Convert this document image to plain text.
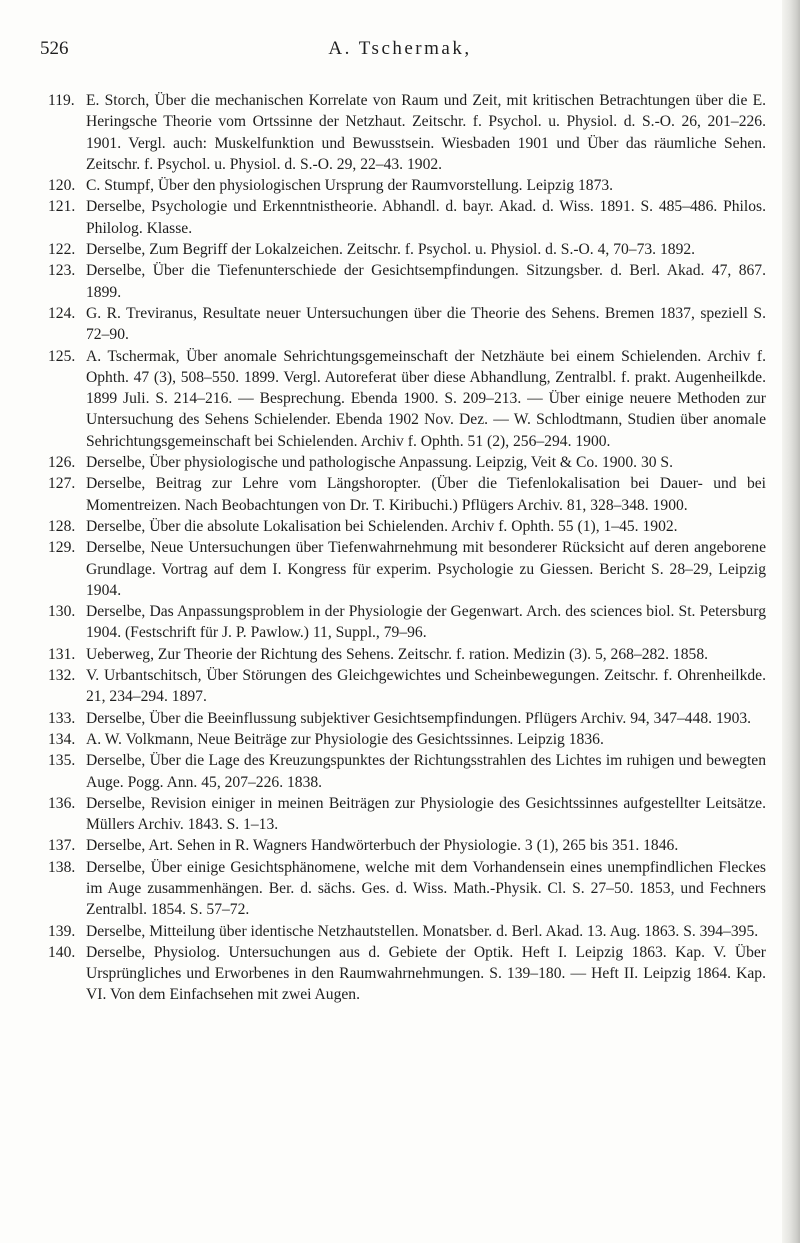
526	A. Tschermak,

119. E. Storch, Über die mechanischen Korrelate von Raum und Zeit, mit kritischen Betrachtungen über die E. Heringsche Theorie vom Ortssinne der Netzhaut. Zeitschr. f. Psychol. u. Physiol. d. S.-O. 26, 201–226. 1901. Vergl. auch: Muskelfunktion und Bewusstsein. Wiesbaden 1901 und Über das räumliche Sehen. Zeitschr. f. Psychol. u. Physiol. d. S.-O. 29, 22–43. 1902.

120. C. Stumpf, Über den physiologischen Ursprung der Raumvorstellung. Leipzig 1873.

121. Derselbe, Psychologie und Erkenntnistheorie. Abhandl. d. bayr. Akad. d. Wiss. 1891. S. 485–486. Philos. Philolog. Klasse.

122. Derselbe, Zum Begriff der Lokalzeichen. Zeitschr. f. Psychol. u. Physiol. d. S.-O. 4, 70–73. 1892.

123. Derselbe, Über die Tiefenunterschiede der Gesichtsempfindungen. Sitzungsber. d. Berl. Akad. 47, 867. 1899.

124. G. R. Treviranus, Resultate neuer Untersuchungen über die Theorie des Sehens. Bremen 1837, speziell S. 72–90.

125. A. Tschermak, Über anomale Sehrichtungsgemeinschaft der Netzhäute bei einem Schielenden. Archiv f. Ophth. 47 (3), 508–550. 1899. Vergl. Autoreferat über diese Abhandlung, Zentralbl. f. prakt. Augenheilkde. 1899 Juli. S. 214–216. — Besprechung. Ebenda 1900. S. 209–213. — Über einige neuere Methoden zur Untersuchung des Sehens Schielender. Ebenda 1902 Nov. Dez. — W. Schlodtmann, Studien über anomale Sehrichtungsgemeinschaft bei Schielenden. Archiv f. Ophth. 51 (2), 256–294. 1900.

126. Derselbe, Über physiologische und pathologische Anpassung. Leipzig, Veit & Co. 1900. 30 S.

127. Derselbe, Beitrag zur Lehre vom Längshoropter. (Über die Tiefenlokalisation bei Dauer- und bei Momentreizen. Nach Beobachtungen von Dr. T. Kiribuchi.) Pflügers Archiv. 81, 328–348. 1900.

128. Derselbe, Über die absolute Lokalisation bei Schielenden. Archiv f. Ophth. 55 (1), 1–45. 1902.

129. Derselbe, Neue Untersuchungen über Tiefenwahrnehmung mit besonderer Rücksicht auf deren angeborene Grundlage. Vortrag auf dem I. Kongress für experim. Psychologie zu Giessen. Bericht S. 28–29, Leipzig 1904.

130. Derselbe, Das Anpassungsproblem in der Physiologie der Gegenwart. Arch. des sciences biol. St. Petersburg 1904. (Festschrift für J. P. Pawlow.) 11, Suppl., 79–96.

131. Ueberweg, Zur Theorie der Richtung des Sehens. Zeitschr. f. ration. Medizin (3). 5, 268–282. 1858.

132. V. Urbantschitsch, Über Störungen des Gleichgewichtes und Scheinbewegungen. Zeitschr. f. Ohrenheilkde. 21, 234–294. 1897.

133. Derselbe, Über die Beeinflussung subjektiver Gesichtsempfindungen. Pflügers Archiv. 94, 347–448. 1903.

134. A. W. Volkmann, Neue Beiträge zur Physiologie des Gesichtssinnes. Leipzig 1836.

135. Derselbe, Über die Lage des Kreuzungspunktes der Richtungsstrahlen des Lichtes im ruhigen und bewegten Auge. Pogg. Ann. 45, 207–226. 1838.

136. Derselbe, Revision einiger in meinen Beiträgen zur Physiologie des Gesichtssinnes aufgestellter Leitsätze. Müllers Archiv. 1843. S. 1–13.

137. Derselbe, Art. Sehen in R. Wagners Handwörterbuch der Physiologie. 3 (1), 265 bis 351. 1846.

138. Derselbe, Über einige Gesichtsphänomene, welche mit dem Vorhandensein eines unempfindlichen Fleckes im Auge zusammenhängen. Ber. d. sächs. Ges. d. Wiss. Math.-Physik. Cl. S. 27–50. 1853, und Fechners Zentralbl. 1854. S. 57–72.

139. Derselbe, Mitteilung über identische Netzhautstellen. Monatsber. d. Berl. Akad. 13. Aug. 1863. S. 394–395.

140. Derselbe, Physiolog. Untersuchungen aus d. Gebiete der Optik. Heft I. Leipzig 1863. Kap. V. Über Ursprüngliches und Erworbenes in den Raumwahrnehmungen. S. 139–180. — Heft II. Leipzig 1864. Kap. VI. Von dem Einfachsehen mit zwei Augen.
